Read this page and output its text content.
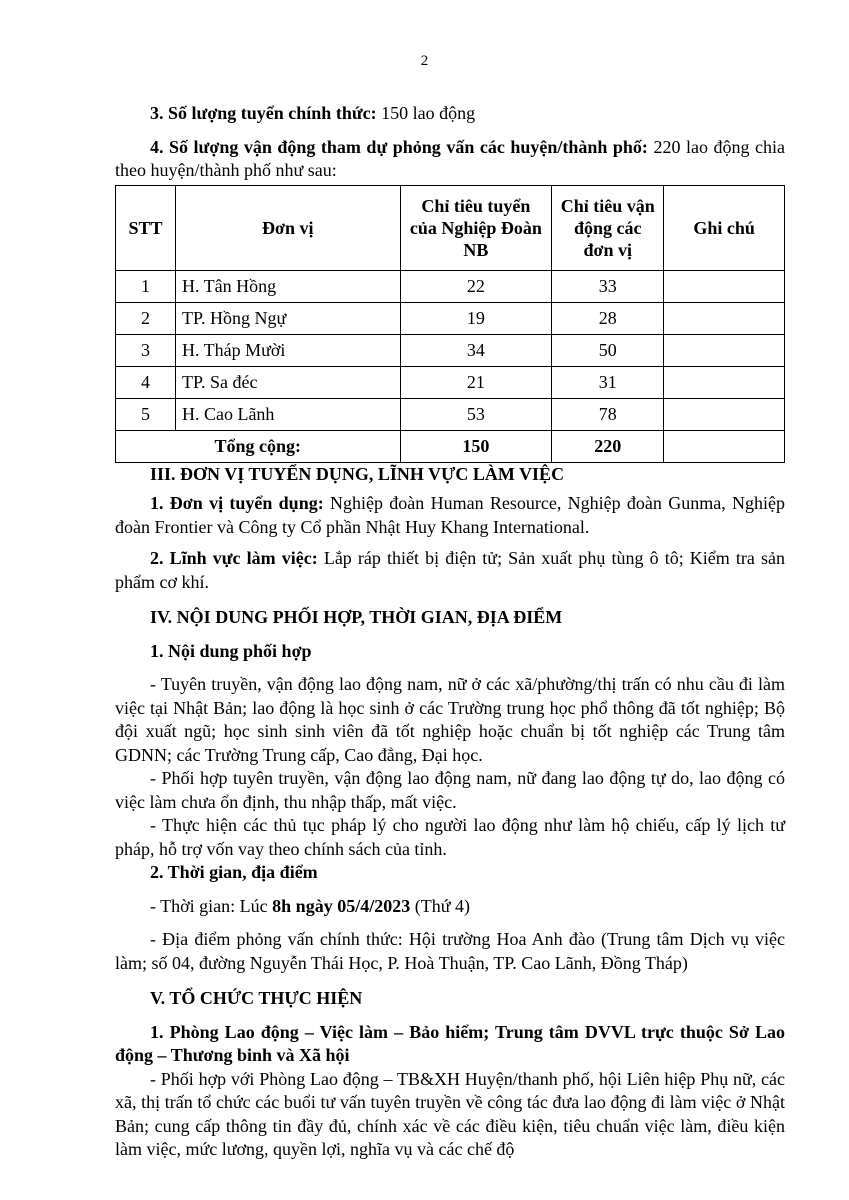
2

3. Số lượng tuyển chính thức: 150 lao động

4. Số lượng vận động tham dự phỏng vấn các huyện/thành phố: 220 lao động chia theo huyện/thành phố như sau:

STT	Đơn vị	Chỉ tiêu tuyển của Nghiệp Đoàn NB	Chỉ tiêu vận động các đơn vị	Ghi chú
1	H. Tân Hồng	22	33	
2	TP. Hồng Ngự	19	28	
3	H. Tháp Mười	34	50	
4	TP. Sa đéc	21	31	
5	H. Cao Lãnh	53	78	
Tổng cộng:		150	220	

III. ĐƠN VỊ TUYỂN DỤNG, LĨNH VỰC LÀM VIỆC

1. Đơn vị tuyển dụng: Nghiệp đoàn Human Resource, Nghiệp đoàn Gunma, Nghiệp đoàn Frontier và Công ty Cổ phần Nhật Huy Khang International.

2. Lĩnh vực làm việc: Lắp ráp thiết bị điện tử; Sản xuất phụ tùng ô tô; Kiểm tra sản phẩm cơ khí.

IV. NỘI DUNG PHỐI HỢP, THỜI GIAN, ĐỊA ĐIỂM

1. Nội dung phối hợp

- Tuyên truyền, vận động lao động nam, nữ ở các xã/phường/thị trấn có nhu cầu đi làm việc tại Nhật Bản; lao động là học sinh ở các Trường trung học phổ thông đã tốt nghiệp; Bộ đội xuất ngũ; học sinh sinh viên đã tốt nghiệp hoặc chuẩn bị tốt nghiệp các Trung tâm GDNN; các Trường Trung cấp, Cao đẳng, Đại học.

- Phối hợp tuyên truyền, vận động lao động nam, nữ đang lao động tự do, lao động có việc làm chưa ổn định, thu nhập thấp, mất việc.

- Thực hiện các thủ tục pháp lý cho người lao động như làm hộ chiếu, cấp lý lịch tư pháp, hỗ trợ vốn vay theo chính sách của tỉnh.

2. Thời gian, địa điểm

- Thời gian: Lúc 8h ngày 05/4/2023 (Thứ 4)

- Địa điểm phỏng vấn chính thức: Hội trường Hoa Anh đào (Trung tâm Dịch vụ việc làm; số 04, đường Nguyễn Thái Học, P. Hoà Thuận, TP. Cao Lãnh, Đồng Tháp)

V. TỔ CHỨC THỰC HIỆN

1. Phòng Lao động – Việc làm – Bảo hiểm; Trung tâm DVVL trực thuộc Sở Lao động – Thương binh và Xã hội

- Phối hợp với Phòng Lao động – TB&XH Huyện/thanh phố, hội Liên hiệp Phụ nữ, các xã, thị trấn tổ chức các buổi tư vấn tuyên truyền về công tác đưa lao động đi làm việc ở Nhật Bản; cung cấp thông tin đầy đủ, chính xác về các điều kiện, tiêu chuẩn việc làm, điều kiện làm việc, mức lương, quyền lợi, nghĩa vụ và các chế độ
